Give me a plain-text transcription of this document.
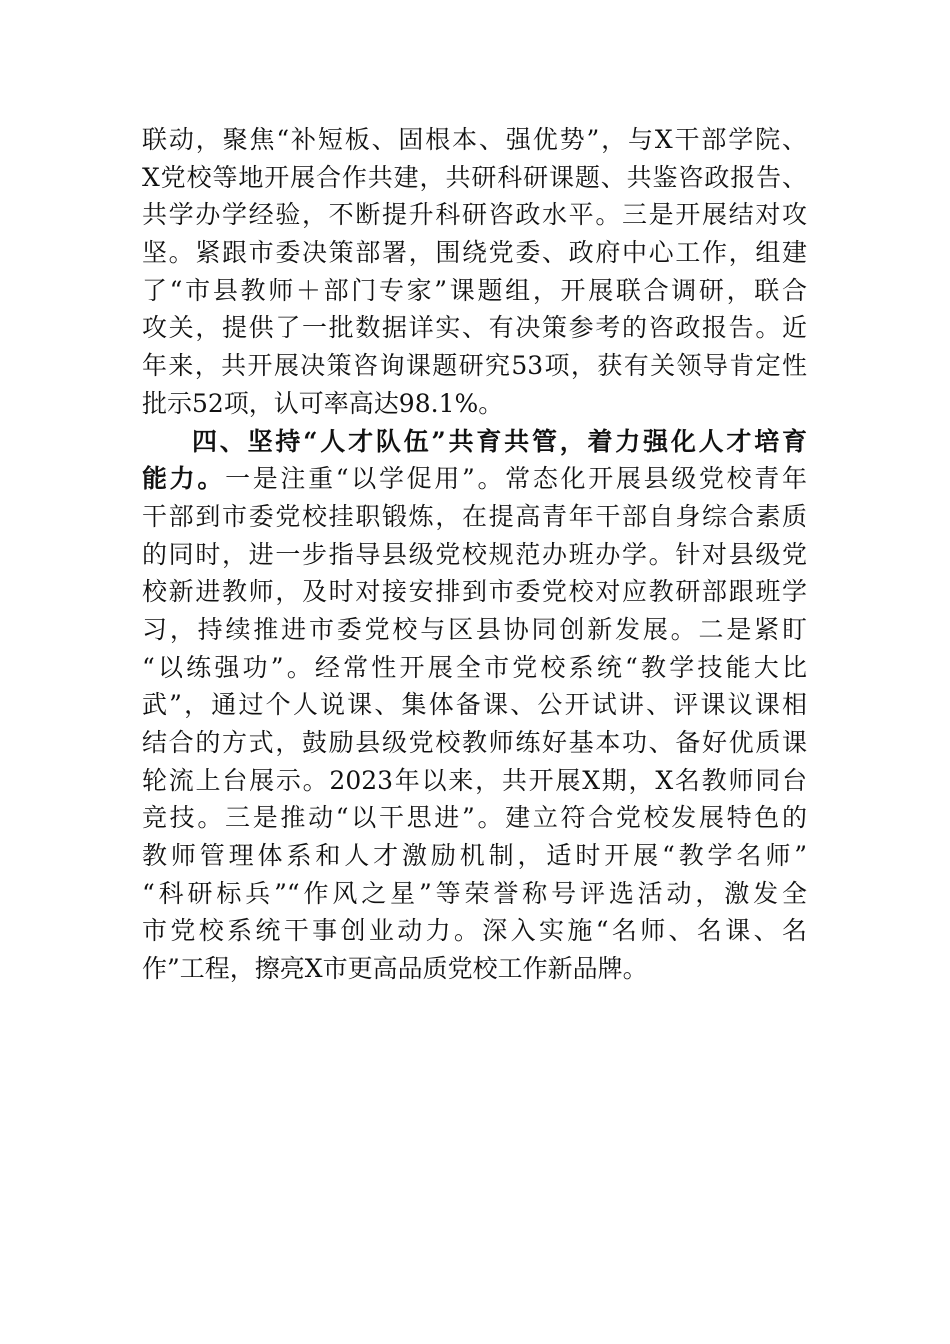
联动，聚焦“补短板、固根本、强优势”，与X干部学院、
X党校等地开展合作共建，共研科研课题、共鉴咨政报告、
共学办学经验，不断提升科研咨政水平。三是开展结对攻
坚。紧跟市委决策部署，围绕党委、政府中心工作，组建
了“市县教师＋部门专家”课题组，开展联合调研，联合
攻关，提供了一批数据详实、有决策参考的咨政报告。近
年来，共开展决策咨询课题研究53项，获有关领导肯定性
批示52项，认可率高达98.1%。
四、坚持“人才队伍”共育共管，着力强化人才培育
能力。一是注重“以学促用”。常态化开展县级党校青年
干部到市委党校挂职锻炼，在提高青年干部自身综合素质
的同时，进一步指导县级党校规范办班办学。针对县级党
校新进教师，及时对接安排到市委党校对应教研部跟班学
习，持续推进市委党校与区县协同创新发展。二是紧盯
“以练强功”。经常性开展全市党校系统“教学技能大比
武”，通过个人说课、集体备课、公开试讲、评课议课相
结合的方式，鼓励县级党校教师练好基本功、备好优质课
轮流上台展示。2023年以来，共开展X期，X名教师同台
竞技。三是推动“以干思进”。建立符合党校发展特色的
教师管理体系和人才激励机制，适时开展“教学名师”
“科研标兵”“作风之星”等荣誉称号评选活动，激发全
市党校系统干事创业动力。深入实施“名师、名课、名
作”工程，擦亮X市更高品质党校工作新品牌。
